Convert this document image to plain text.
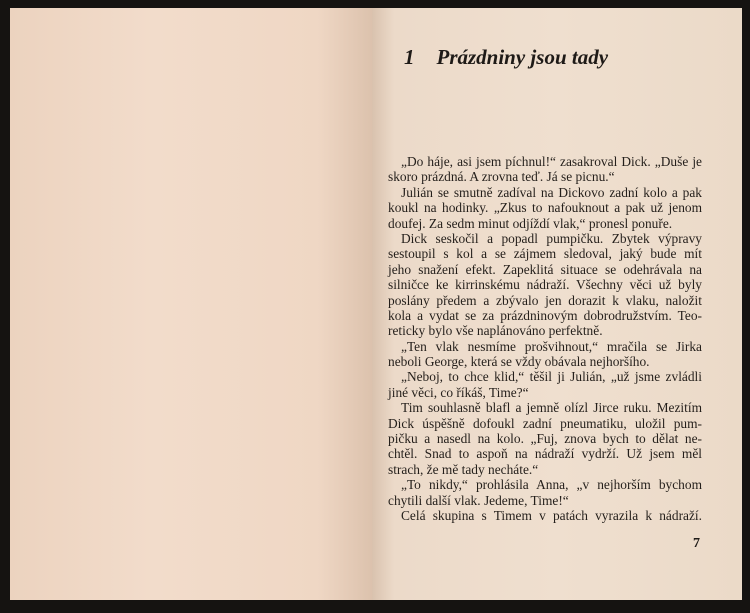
1 Prázdniny jsou tady
„Do háje, asi jsem píchnul!“ zasakroval Dick. „Duše je
skoro prázdná. A zrovna teď. Já se picnu.“
Julián se smutně zadíval na Dickovo zadní kolo a pak
koukl na hodinky. „Zkus to nafouknout a pak už jenom
doufej. Za sedm minut odjíždí vlak,“ pronesl ponuře.
Dick seskočil a popadl pumpičku. Zbytek výpravy
sestoupil s kol a se zájmem sledoval, jaký bude mít
jeho snažení efekt. Zapeklitá situace se odehrávala na
silničce ke kirrinskému nádraží. Všechny věci už byly
poslány předem a zbývalo jen dorazit k vlaku, naložit
kola a vydat se za prázdninovým dobrodružstvím. Teo-
reticky bylo vše naplánováno perfektně.
„Ten vlak nesmíme prošvihnout,“ mračila se Jirka
neboli George, která se vždy obávala nejhoršího.
„Neboj, to chce klid,“ těšil ji Julián, „už jsme zvládli
jiné věci, co říkáš, Time?“
Tim souhlasně blafl a jemně olízl Jirce ruku. Mezitím
Dick úspěšně dofoukl zadní pneumatiku, uložil pum-
pičku a nasedl na kolo. „Fuj, znova bych to dělat ne-
chtěl. Snad to aspoň na nádraží vydrží. Už jsem měl
strach, že mě tady necháte.“
„To nikdy,“ prohlásila Anna, „v nejhorším bychom
chytili další vlak. Jedeme, Time!“
Celá skupina s Timem v patách vyrazila k nádraží.
7
